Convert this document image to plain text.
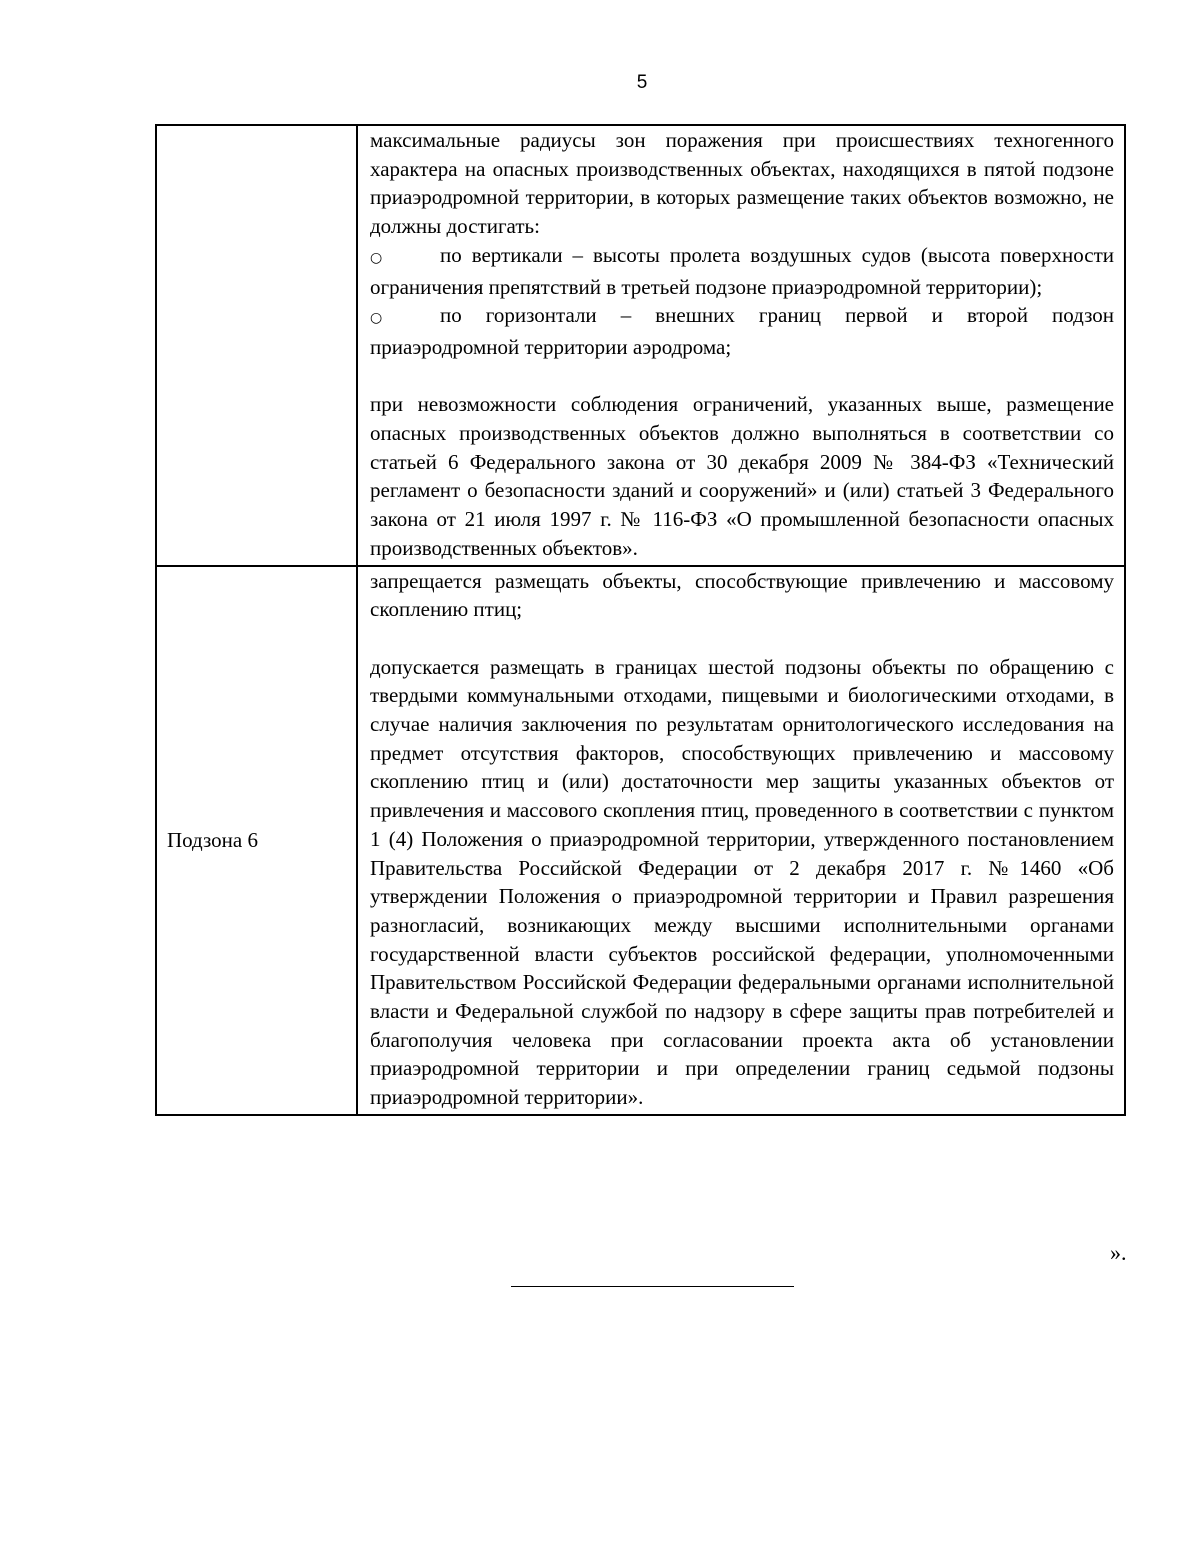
5

	максимальные радиусы зон поражения при происшествиях техногенного характера на опасных производственных объектах, находящихся в пятой подзоне приаэродромной территории, в которых размещение таких объектов возможно, не должны достигать:

○ по вертикали – высоты пролета воздушных судов (высота поверхности ограничения препятствий в третьей подзоне приаэродромной территории);

○ по горизонтали – внешних границ первой и второй подзон приаэродромной территории аэродрома;

при невозможности соблюдения ограничений, указанных выше, размещение опасных производственных объектов должно выполняться в соответствии со статьей 6 Федерального закона от 30 декабря 2009 № 384-ФЗ «Технический регламент о безопасности зданий и сооружений» и (или) статьей 3 Федерального закона от 21 июля 1997 г. № 116-ФЗ «О промышленной безопасности опасных производственных объектов».

Подзона 6	запрещается размещать объекты, способствующие привлечению и массовому скоплению птиц;

допускается размещать в границах шестой подзоны объекты по обращению с твердыми коммунальными отходами, пищевыми и биологическими отходами, в случае наличия заключения по результатам орнитологического исследования на предмет отсутствия факторов, способствующих привлечению и массовому скоплению птиц и (или) достаточности мер защиты указанных объектов от привлечения и массового скопления птиц, проведенного в соответствии с пунктом 1 (4) Положения о приаэродромной территории, утвержденного постановлением Правительства Российской Федерации от 2 декабря 2017 г. №1460 «Об утверждении Положения о приаэродромной территории и Правил разрешения разногласий, возникающих между высшими исполнительными органами государственной власти субъектов российской федерации, уполномоченными Правительством Российской Федерации федеральными органами исполнительной власти и Федеральной службой по надзору в сфере защиты прав потребителей и благополучия человека при согласовании проекта акта об установлении приаэродромной территории и при определении границ седьмой подзоны приаэродромной территории».

».
